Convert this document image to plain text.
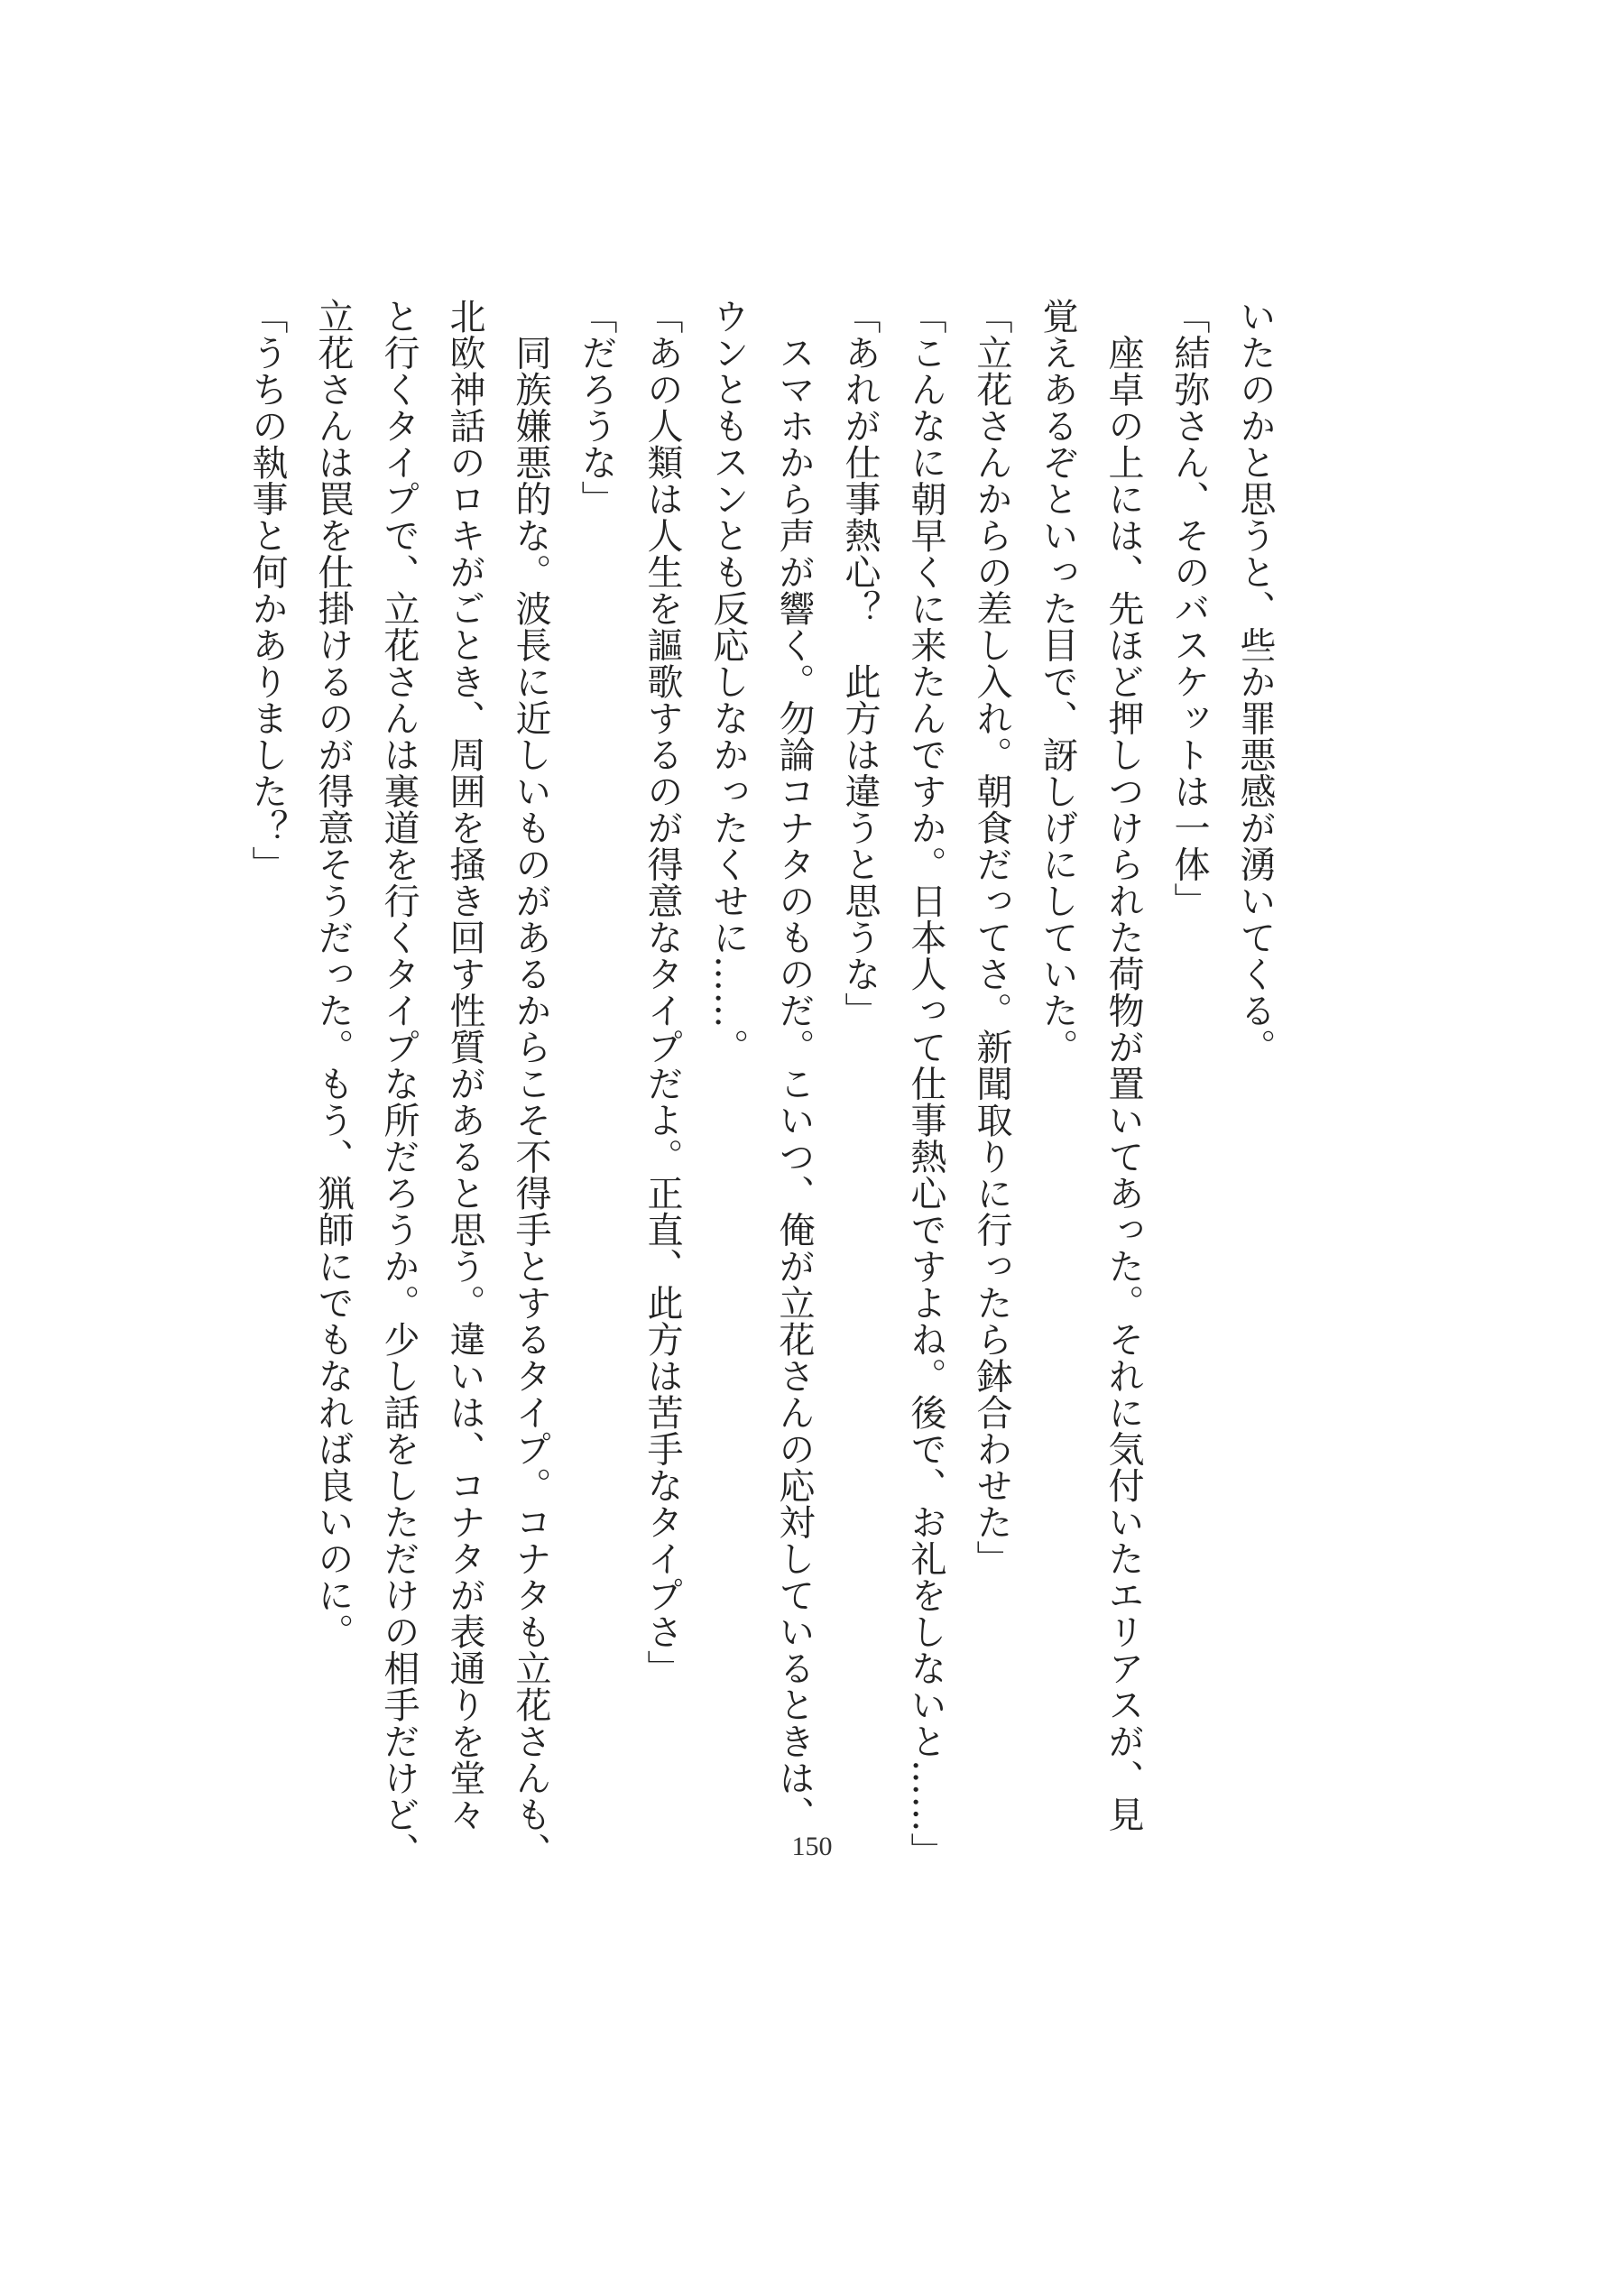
いたのかと思うと、些か罪悪感が湧いてくる。
「結弥さん、そのバスケットは一体」
　座卓の上には、先ほど押しつけられた荷物が置いてあった。それに気付いたエリアスが、見
覚えあるぞといった目で、訝しげにしていた。
「立花さんからの差し入れ。朝食だってさ。新聞取りに行ったら鉢合わせた」
「こんなに朝早くに来たんですか。日本人って仕事熱心ですよね。後で、お礼をしないと……」
「あれが仕事熱心？　此方は違うと思うな」
　スマホから声が響く。勿論コナタのものだ。こいつ、俺が立花さんの応対しているときは、
ウンともスンとも反応しなかったくせに……。
「あの人類は人生を謳歌するのが得意なタイプだよ。正直、此方は苦手なタイプさ」
「だろうな」
　同族嫌悪的な。波長に近しいものがあるからこそ不得手とするタイプ。コナタも立花さんも、
北欧神話のロキがごとき、周囲を掻き回す性質があると思う。違いは、コナタが表通りを堂々
と行くタイプで、立花さんは裏道を行くタイプな所だろうか。少し話をしただけの相手だけど、
立花さんは罠を仕掛けるのが得意そうだった。もう、猟師にでもなれば良いのに。
「うちの執事と何かありました？」
150
